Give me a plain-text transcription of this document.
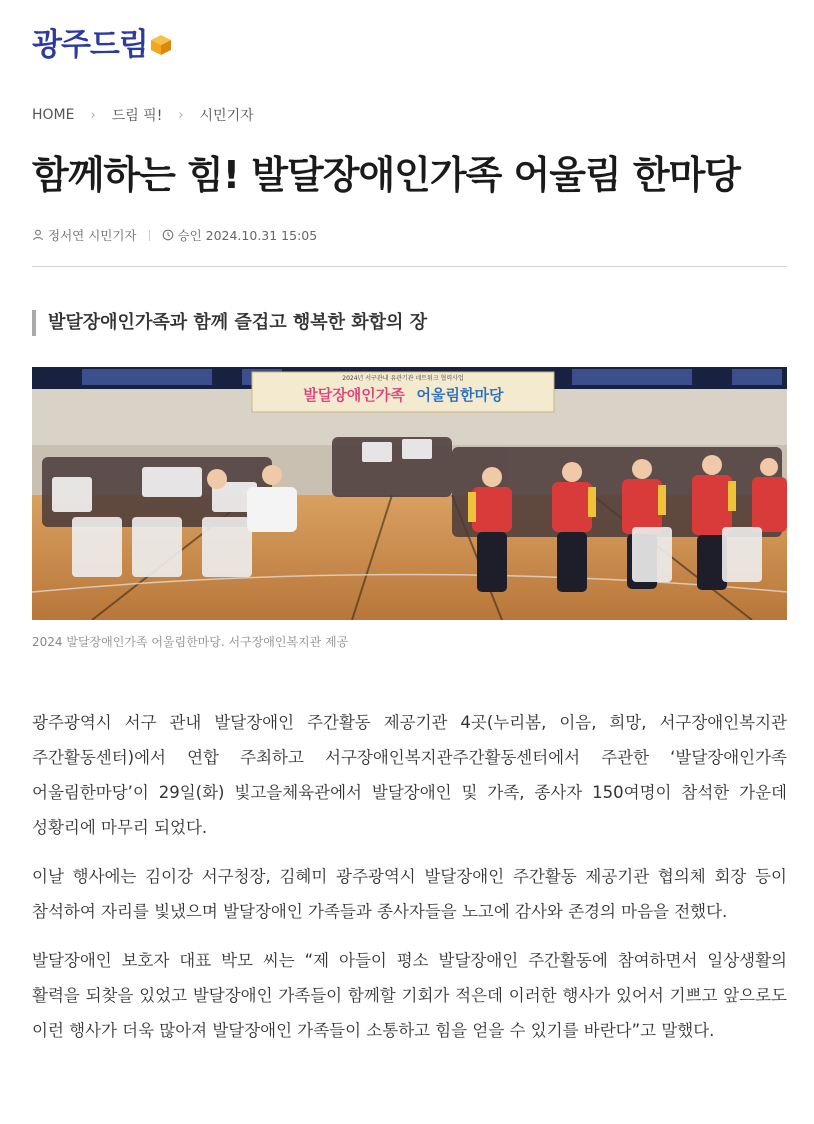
광주드림
HOME › 드림 픽! › 시민기자
함께하는 힘! 발달장애인가족 어울림 한마당
정서연 시민기자	승인 2024.10.31 15:05
발달장애인가족과 함께 즐겁고 행복한 화합의 장
2024년 서구관내 유관기관 네트워크 협력사업
발달장애인가족 어울림한마당
2024 발달장애인가족 어울림한마당. 서구장애인복지관 제공

광주광역시 서구 관내 발달장애인 주간활동 제공기관 4곳(누리봄, 이음, 희망, 서구장애인복지관 주간활동센터)에서 연합 주최하고 서구장애인복지관주간활동센터에서 주관한 ‘발달장애인가족 어울림한마당’이 29일(화) 빛고을체육관에서 발달장애인 및 가족, 종사자 150여명이 참석한 가운데 성황리에 마무리 되었다.

이날 행사에는 김이강 서구청장, 김혜미 광주광역시 발달장애인 주간활동 제공기관 협의체 회장 등이 참석하여 자리를 빛냈으며 발달장애인 가족들과 종사자들을 노고에 감사와 존경의 마음을 전했다.

발달장애인 보호자 대표 박모 씨는 “제 아들이 평소 발달장애인 주간활동에 참여하면서 일상생활의 활력을 되찾을 있었고 발달장애인 가족들이 함께할 기회가 적은데 이러한 행사가 있어서 기쁘고 앞으로도 이런 행사가 더욱 많아져 발달장애인 가족들이 소통하고 힘을 얻을 수 있기를 바란다”고 말했다.
